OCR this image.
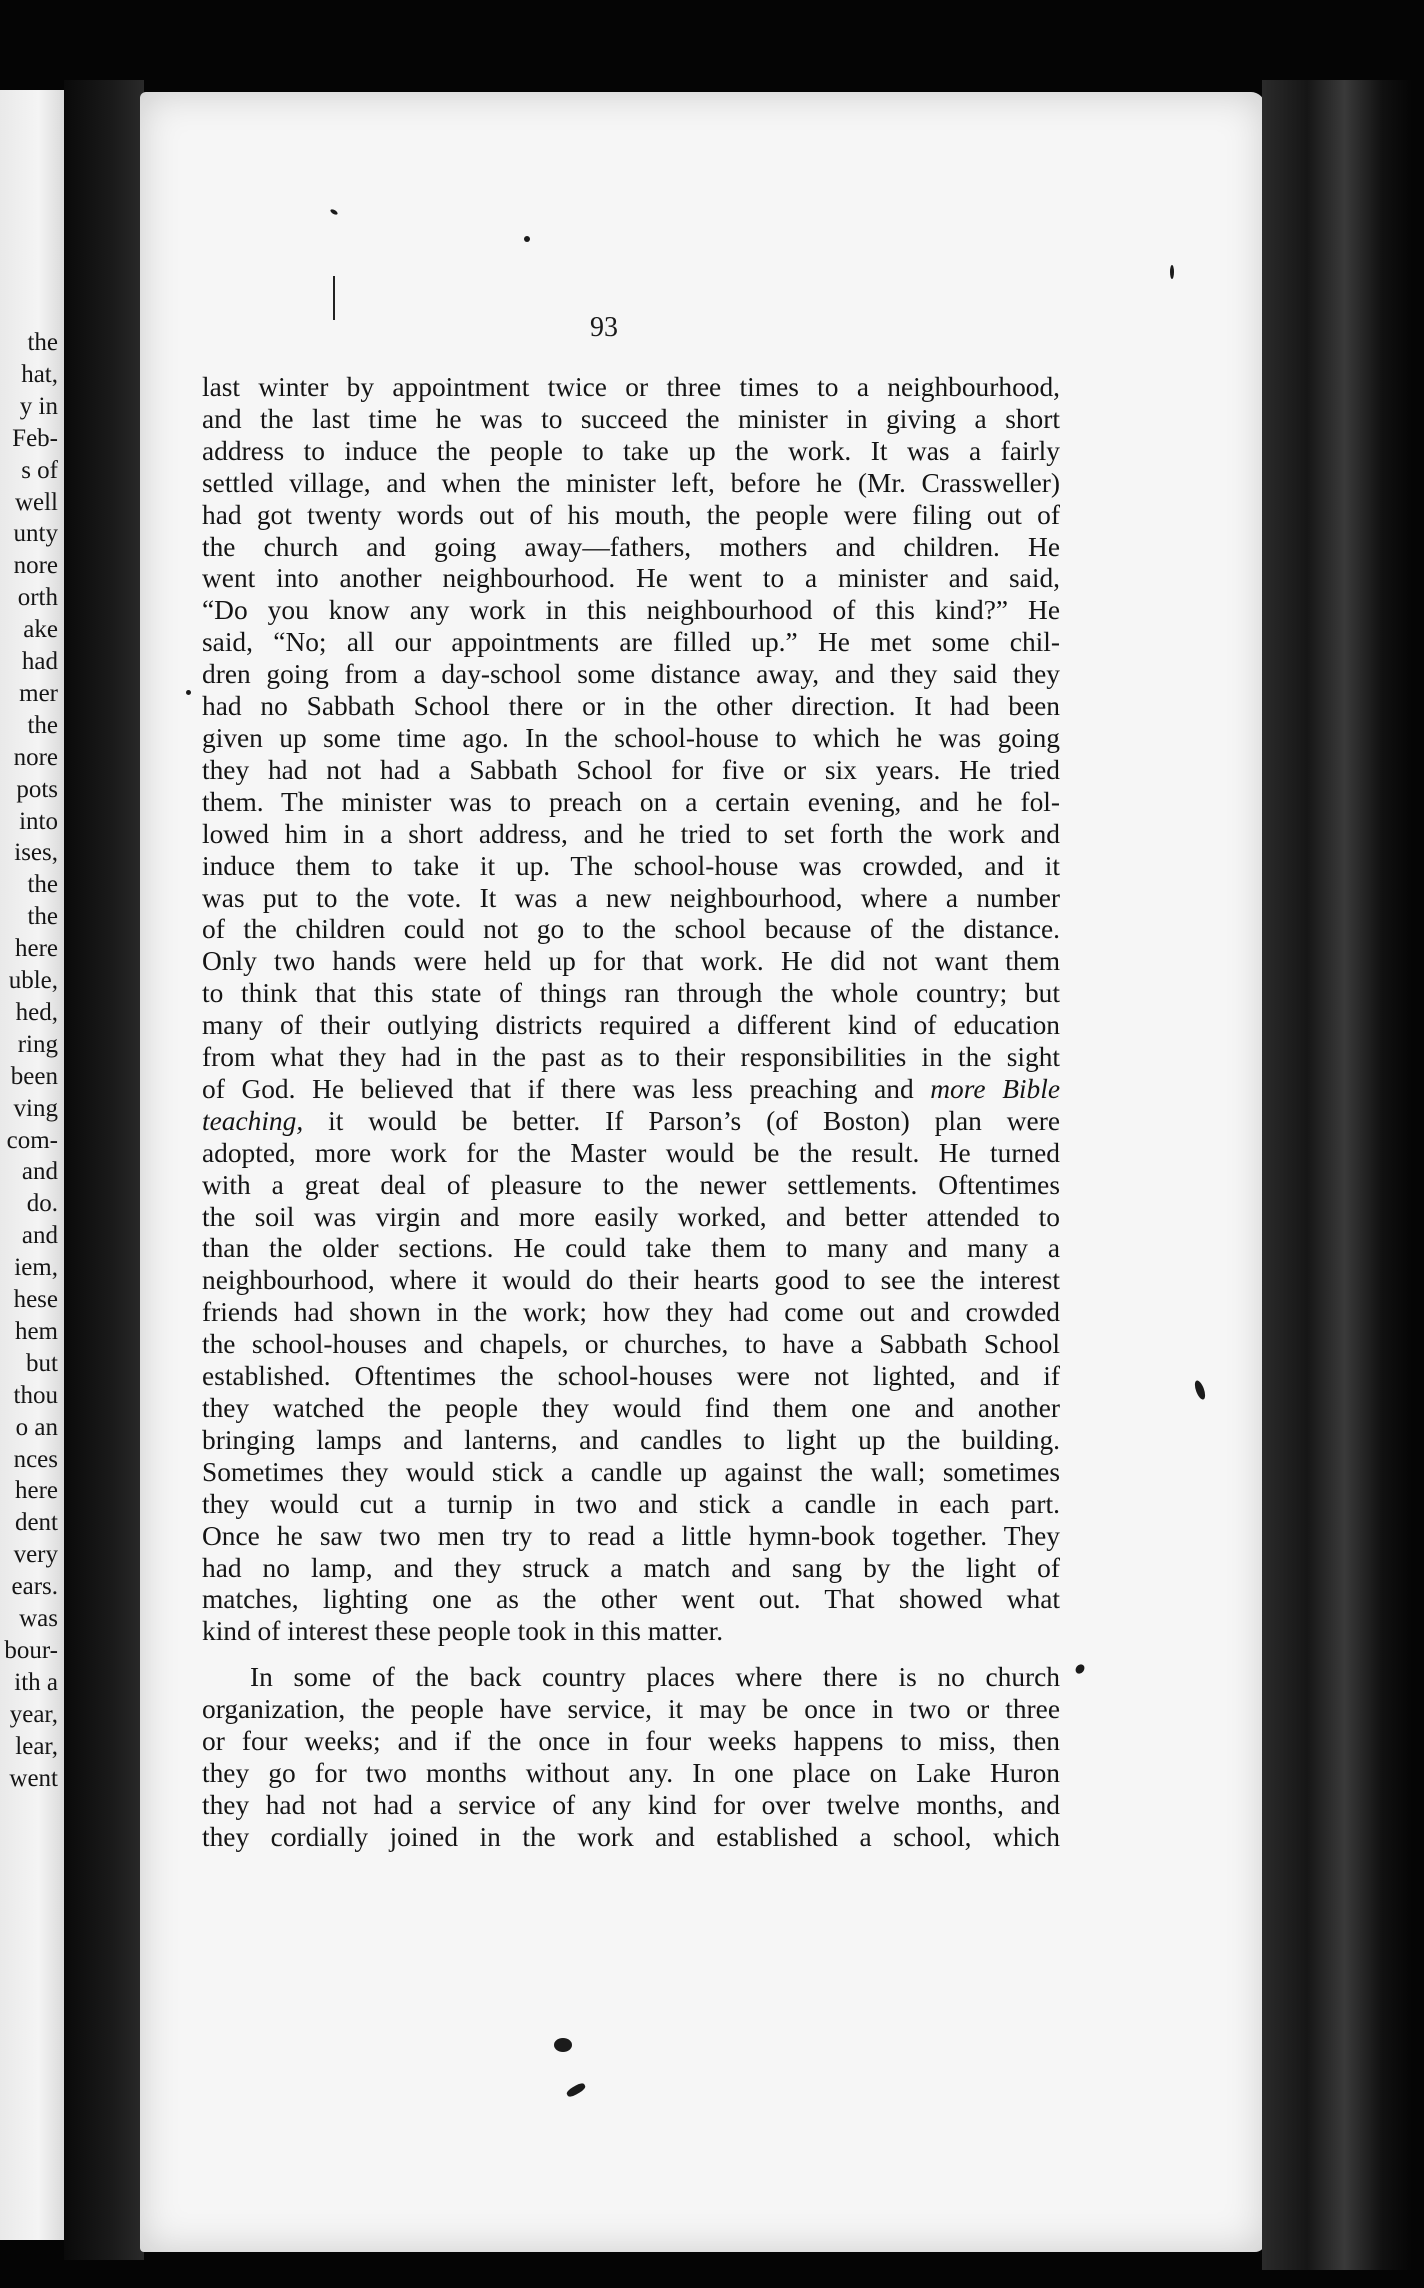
the
hat,
y in
Feb-
s of
well
unty
nore
orth
ake
had
mer
the
nore
pots
into
ises,
the
the
here
uble,
hed,
ring
been
ving
com-
and
do.
and
iem,
hese
hem
but
thou
o an
nces
here
dent
very
ears.
was
bour-
ith a
year,
lear,
went
93
last winter by appointment twice or three times to a neighbourhood,
and the last time he was to succeed the minister in giving a short
address to induce the people to take up the work. It was a fairly
settled village, and when the minister left, before he (Mr. Crassweller)
had got twenty words out of his mouth, the people were filing out of
the church and going away—fathers, mothers and children. He
went into another neighbourhood. He went to a minister and said,
“Do you know any work in this neighbourhood of this kind?” He
said, “No; all our appointments are filled up.” He met some chil-
dren going from a day-school some distance away, and they said they
had no Sabbath School there or in the other direction. It had been
given up some time ago. In the school-house to which he was going
they had not had a Sabbath School for five or six years. He tried
them. The minister was to preach on a certain evening, and he fol-
lowed him in a short address, and he tried to set forth the work and
induce them to take it up. The school-house was crowded, and it
was put to the vote. It was a new neighbourhood, where a number
of the children could not go to the school because of the distance.
Only two hands were held up for that work. He did not want them
to think that this state of things ran through the whole country; but
many of their outlying districts required a different kind of education
from what they had in the past as to their responsibilities in the sight
of God. He believed that if there was less preaching and more Bible
teaching, it would be better. If Parson’s (of Boston) plan were
adopted, more work for the Master would be the result. He turned
with a great deal of pleasure to the newer settlements. Oftentimes
the soil was virgin and more easily worked, and better attended to
than the older sections. He could take them to many and many a
neighbourhood, where it would do their hearts good to see the interest
friends had shown in the work; how they had come out and crowded
the school-houses and chapels, or churches, to have a Sabbath School
established. Oftentimes the school-houses were not lighted, and if
they watched the people they would find them one and another
bringing lamps and lanterns, and candles to light up the building.
Sometimes they would stick a candle up against the wall; sometimes
they would cut a turnip in two and stick a candle in each part.
Once he saw two men try to read a little hymn-book together. They
had no lamp, and they struck a match and sang by the light of
matches, lighting one as the other went out. That showed what
kind of interest these people took in this matter.
In some of the back country places where there is no church
organization, the people have service, it may be once in two or three
or four weeks; and if the once in four weeks happens to miss, then
they go for two months without any. In one place on Lake Huron
they had not had a service of any kind for over twelve months, and
they cordially joined in the work and established a school, which
